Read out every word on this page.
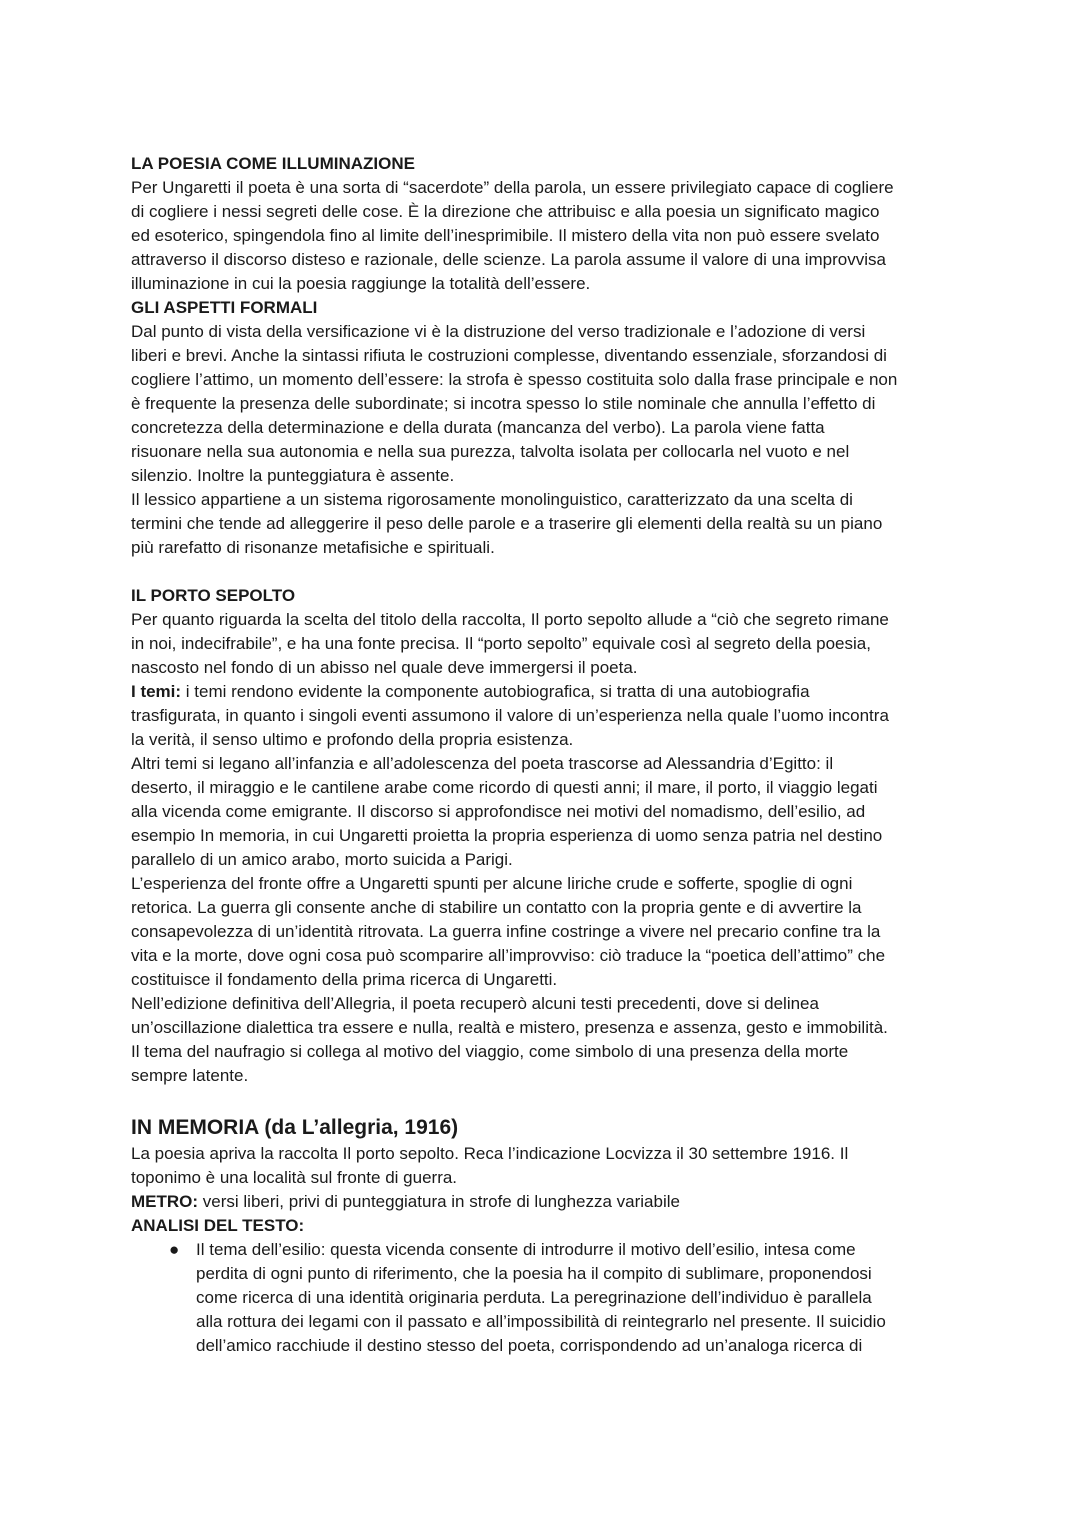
LA POESIA COME ILLUMINAZIONE
Per Ungaretti il poeta è una sorta di “sacerdote” della parola, un essere privilegiato capace di cogliere
di cogliere i nessi segreti delle cose. È la direzione che attribuisc e alla poesia un significato magico
ed esoterico, spingendola fino al limite dell’inesprimibile. Il mistero della vita non può essere svelato
attraverso il discorso disteso e razionale, delle scienze. La parola assume il valore di una improvvisa
illuminazione in cui la poesia raggiunge la totalità dell’essere.
GLI ASPETTI FORMALI
Dal punto di vista della versificazione vi è la distruzione del verso tradizionale e l’adozione di versi
liberi e brevi. Anche la sintassi rifiuta le costruzioni complesse, diventando essenziale, sforzandosi di
cogliere l’attimo, un momento dell’essere: la strofa è spesso costituita solo dalla frase principale e non
è frequente la presenza delle subordinate; si incotra spesso lo stile nominale che annulla l’effetto di
concretezza della determinazione e della durata (mancanza del verbo). La parola viene fatta
risuonare nella sua autonomia e nella sua purezza, talvolta isolata per collocarla nel vuoto e nel
silenzio. Inoltre la punteggiatura è assente.
Il lessico appartiene a un sistema rigorosamente monolinguistico, caratterizzato da una scelta di
termini che tende ad alleggerire il peso delle parole e a traserire gli elementi della realtà su un piano
più rarefatto di risonanze metafisiche e spirituali.
IL PORTO SEPOLTO
Per quanto riguarda la scelta del titolo della raccolta, Il porto sepolto allude a “ciò che segreto rimane
in noi, indecifrabile”, e ha una fonte precisa. Il “porto sepolto” equivale così al segreto della poesia,
nascosto nel fondo di un abisso nel quale deve immergersi il poeta.
I temi: i temi rendono evidente la componente autobiografica, si tratta di una autobiografia
trasfigurata, in quanto i singoli eventi assumono il valore di un’esperienza nella quale l’uomo incontra
la verità, il senso ultimo e profondo della propria esistenza.
Altri temi si legano all’infanzia e all’adolescenza del poeta trascorse ad Alessandria d’Egitto: il
deserto, il miraggio e le cantilene arabe come ricordo di questi anni; il mare, il porto, il viaggio legati
alla vicenda come emigrante. Il discorso si approfondisce nei motivi del nomadismo, dell’esilio, ad
esempio In memoria, in cui Ungaretti proietta la propria esperienza di uomo senza patria nel destino
parallelo di un amico arabo, morto suicida a Parigi.
L’esperienza del fronte offre a Ungaretti spunti per alcune liriche crude e sofferte, spoglie di ogni
retorica. La guerra gli consente anche di stabilire un contatto con la propria gente e di avvertire la
consapevolezza di un’identità ritrovata. La guerra infine costringe a vivere nel precario confine tra la
vita e la morte, dove ogni cosa può scomparire all’improvviso: ciò traduce la “poetica dell’attimo” che
costituisce il fondamento della prima ricerca di Ungaretti.
Nell’edizione definitiva dell’Allegria, il poeta recuperò alcuni testi precedenti, dove si delinea
un’oscillazione dialettica tra essere e nulla, realtà e mistero, presenza e assenza, gesto e immobilità.
Il tema del naufragio si collega al motivo del viaggio, come simbolo di una presenza della morte
sempre latente.
IN MEMORIA (da L’allegria, 1916)
La poesia apriva la raccolta Il porto sepolto. Reca l’indicazione Locvizza il 30 settembre 1916. Il
toponimo è una località sul fronte di guerra.
METRO: versi liberi, privi di punteggiatura in strofe di lunghezza variabile
ANALISI DEL TESTO:
● Il tema dell’esilio: questa vicenda consente di introdurre il motivo dell’esilio, intesa come
perdita di ogni punto di riferimento, che la poesia ha il compito di sublimare, proponendosi
come ricerca di una identità originaria perduta. La peregrinazione dell’individuo è parallela
alla rottura dei legami con il passato e all’impossibilità di reintegrarlo nel presente. Il suicidio
dell’amico racchiude il destino stesso del poeta, corrispondendo ad un’analoga ricerca di
